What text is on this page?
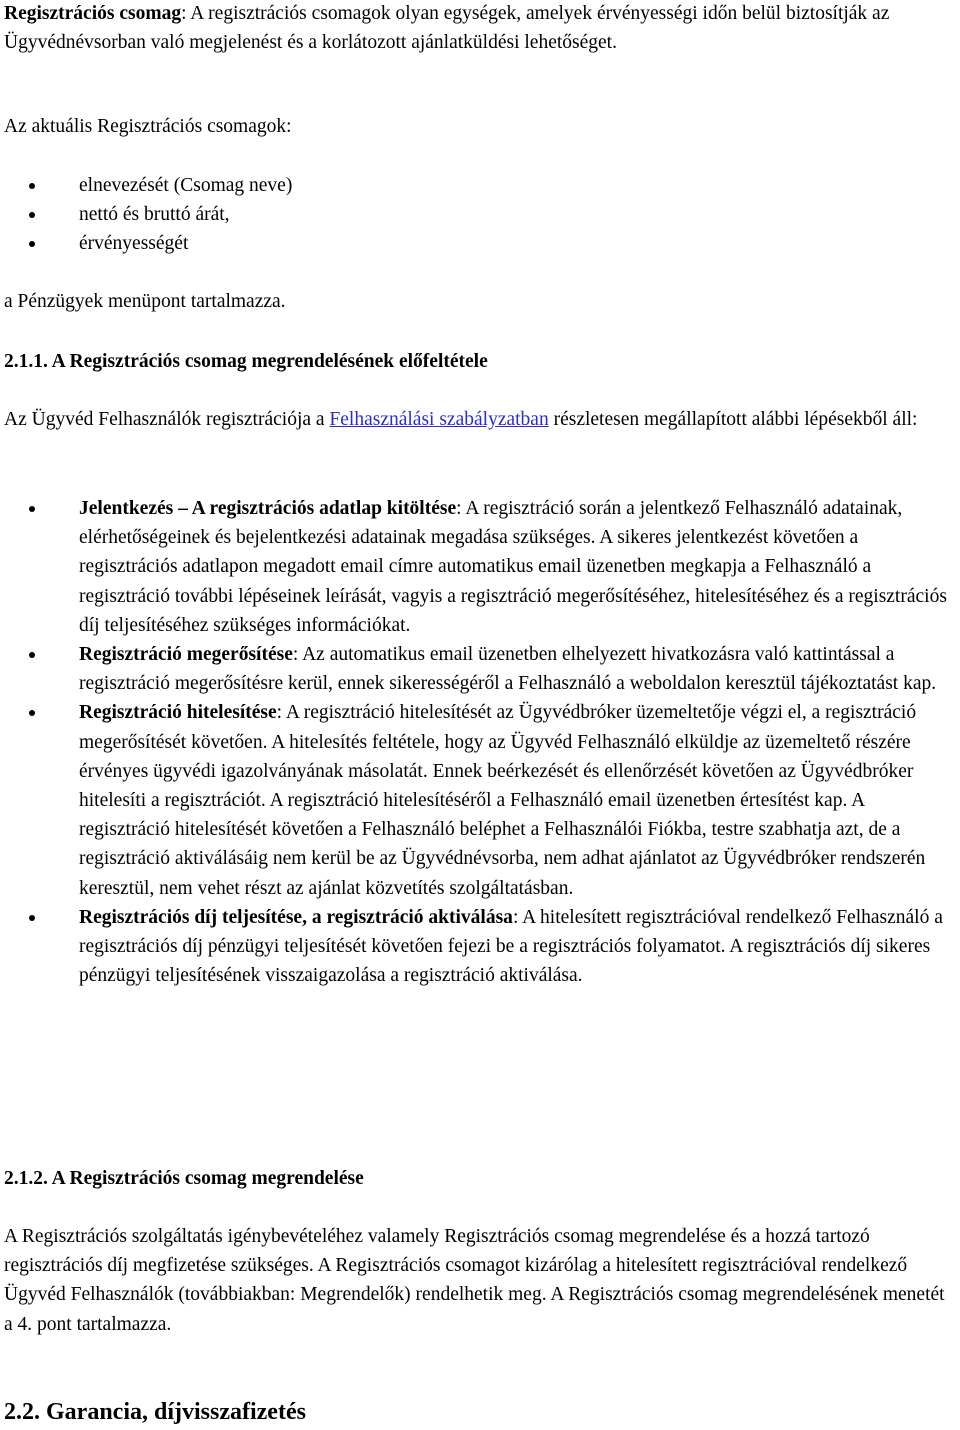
Regisztrációs csomag: A regisztrációs csomagok olyan egységek, amelyek érvényességi időn belül biztosítják az Ügyvédnévsorban való megjelenést és a korlátozott ajánlatküldési lehetőséget.

Az aktuális Regisztrációs csomagok:

elnevezését (Csomag neve)
nettó és bruttó árát,
érvényességét

a Pénzügyek menüpont tartalmazza.

2.1.1. A Regisztrációs csomag megrendelésének előfeltétele

Az Ügyvéd Felhasználók regisztrációja a Felhasználási szabályzatban részletesen megállapított alábbi lépésekből áll:

Jelentkezés – A regisztrációs adatlap kitöltése: A regisztráció során a jelentkező Felhasználó adatainak, elérhetőségeinek és bejelentkezési adatainak megadása szükséges. A sikeres jelentkezést követően a regisztrációs adatlapon megadott email címre automatikus email üzenetben megkapja a Felhasználó a regisztráció további lépéseinek leírását, vagyis a regisztráció megerősítéséhez, hitelesítéséhez és a regisztrációs díj teljesítéséhez szükséges információkat.
Regisztráció megerősítése: Az automatikus email üzenetben elhelyezett hivatkozásra való kattintással a regisztráció megerősítésre kerül, ennek sikerességéről a Felhasználó a weboldalon keresztül tájékoztatást kap.
Regisztráció hitelesítése: A regisztráció hitelesítését az Ügyvédbróker üzemeltetője végzi el, a regisztráció megerősítését követően. A hitelesítés feltétele, hogy az Ügyvéd Felhasználó elküldje az üzemeltető részére érvényes ügyvédi igazolványának másolatát. Ennek beérkezését és ellenőrzését követően az Ügyvédbróker hitelesíti a regisztrációt. A regisztráció hitelesítéséről a Felhasználó email üzenetben értesítést kap. A regisztráció hitelesítését követően a Felhasználó beléphet a Felhasználói Fiókba, testre szabhatja azt, de a regisztráció aktiválásáig nem kerül be az Ügyvédnévsorba, nem adhat ajánlatot az Ügyvédbróker rendszerén keresztül, nem vehet részt az ajánlat közvetítés szolgáltatásban.
Regisztrációs díj teljesítése, a regisztráció aktiválása: A hitelesített regisztrációval rendelkező Felhasználó a regisztrációs díj pénzügyi teljesítését követően fejezi be a regisztrációs folyamatot. A regisztrációs díj sikeres pénzügyi teljesítésének visszaigazolása a regisztráció aktiválása.

2.1.2. A Regisztrációs csomag megrendelése

A Regisztrációs szolgáltatás igénybevételéhez valamely Regisztrációs csomag megrendelése és a hozzá tartozó regisztrációs díj megfizetése szükséges. A Regisztrációs csomagot kizárólag a hitelesített regisztrációval rendelkező Ügyvéd Felhasználók (továbbiakban: Megrendelők) rendelhetik meg. A Regisztrációs csomag megrendelésének menetét a 4. pont tartalmazza.

2.2. Garancia, díjvisszafizetés
